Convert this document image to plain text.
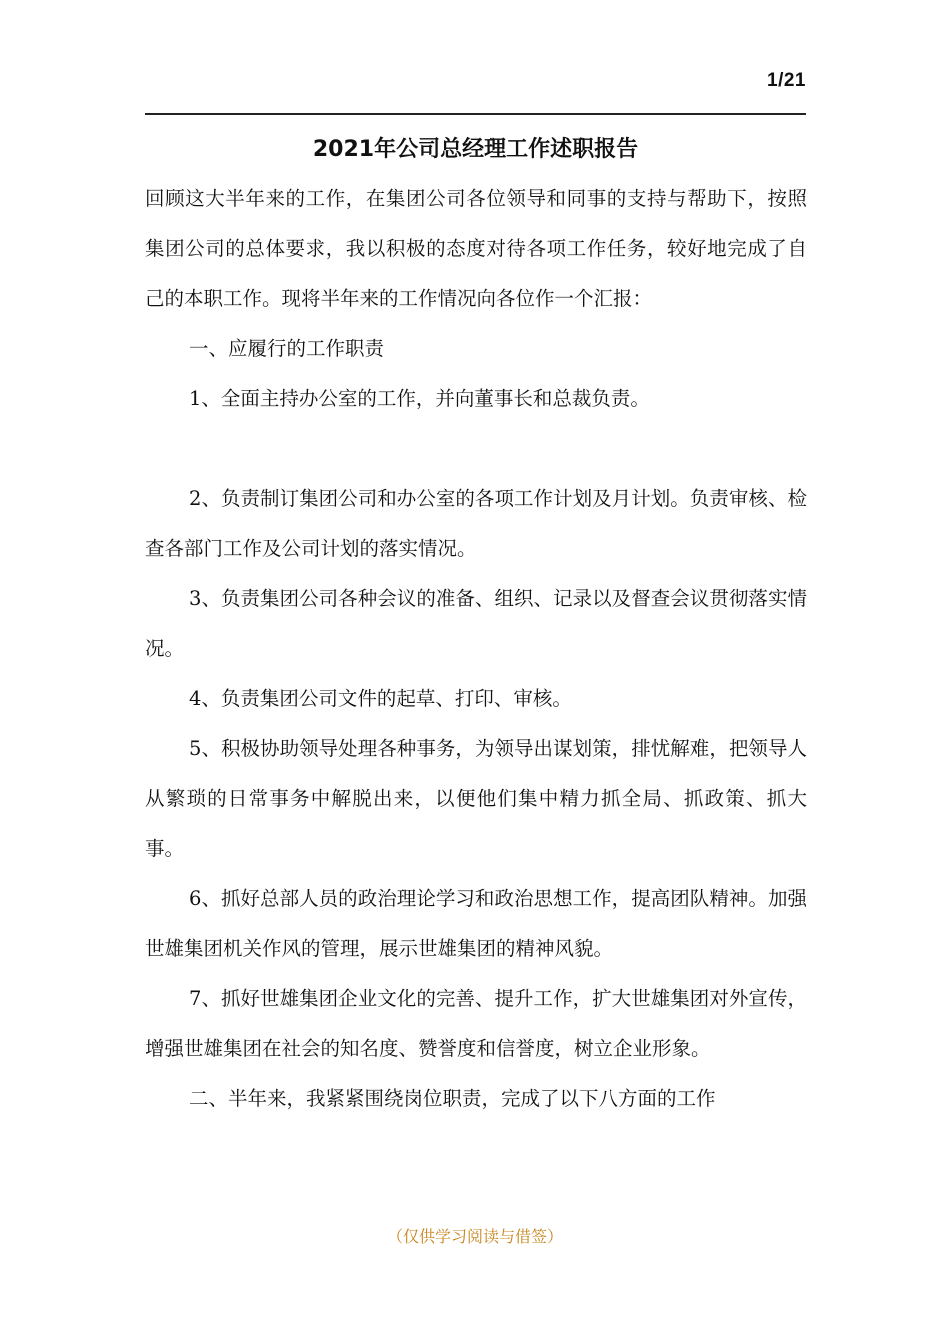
1/21
2021年公司总经理工作述职报告

回顾这大半年来的工作，在集团公司各位领导和同事的支持与帮助下，按照集团公司的总体要求，我以积极的态度对待各项工作任务，较好地完成了自己的本职工作。现将半年来的工作情况向各位作一个汇报：

一、应履行的工作职责

1、全面主持办公室的工作，并向董事长和总裁负责。

2、负责制订集团公司和办公室的各项工作计划及月计划。负责审核、检查各部门工作及公司计划的落实情况。

3、负责集团公司各种会议的准备、组织、记录以及督查会议贯彻落实情况。

4、负责集团公司文件的起草、打印、审核。

5、积极协助领导处理各种事务，为领导出谋划策，排忧解难，把领导人从繁琐的日常事务中解脱出来，以便他们集中精力抓全局、抓政策、抓大事。

6、抓好总部人员的政治理论学习和政治思想工作，提高团队精神。加强世雄集团机关作风的管理，展示世雄集团的精神风貌。

7、抓好世雄集团企业文化的完善、提升工作，扩大世雄集团对外宣传，增强世雄集团在社会的知名度、赞誉度和信誉度，树立企业形象。

二、半年来，我紧紧围绕岗位职责，完成了以下八方面的工作

（仅供学习阅读与借签）
